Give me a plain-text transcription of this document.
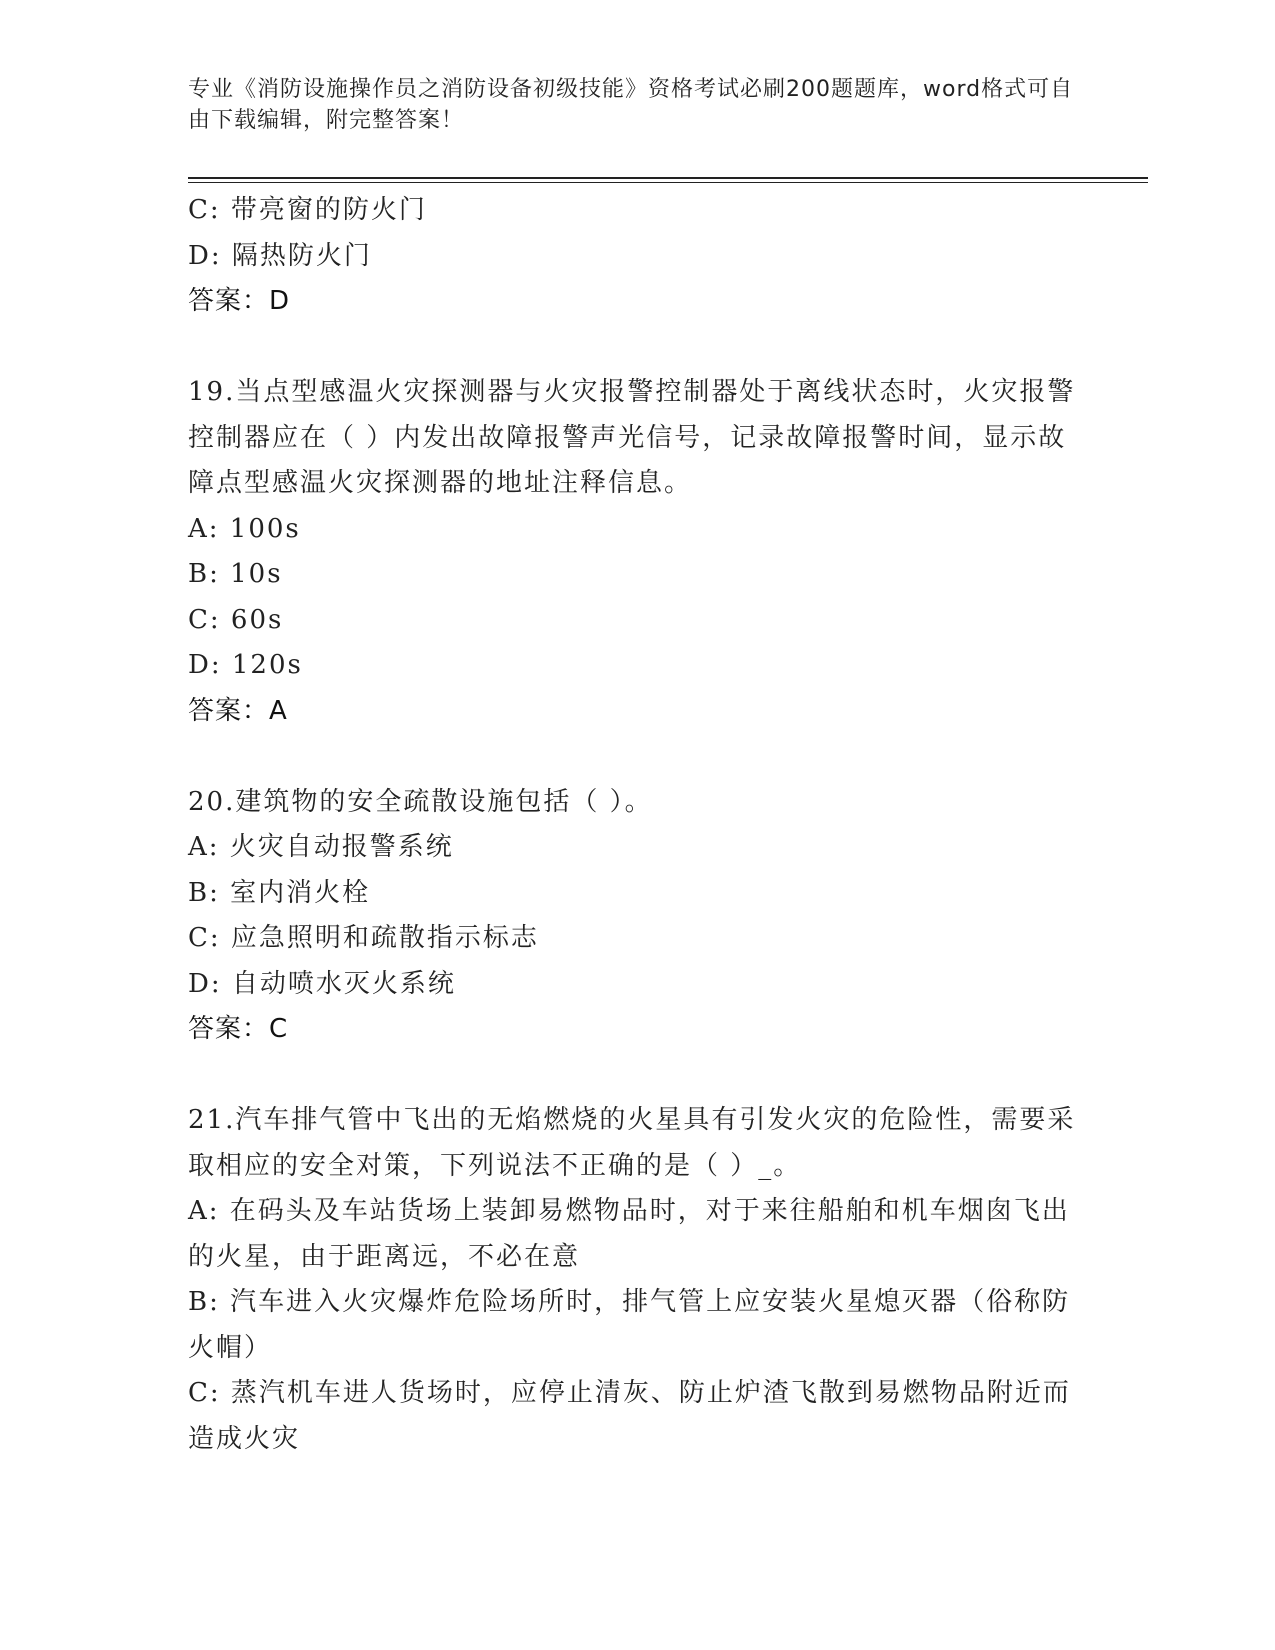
专业《消防设施操作员之消防设备初级技能》资格考试必刷200题题库，word格式可自由下载编辑，附完整答案！
C: 带亮窗的防火门
D: 隔热防火门
答案：D
19.当点型感温火灾探测器与火灾报警控制器处于离线状态时，火灾报警控制器应在（ ）内发出故障报警声光信号，记录故障报警时间，显示故障点型感温火灾探测器的地址注释信息。
A: 100s
B: 10s
C: 60s
D: 120s
答案：A
20.建筑物的安全疏散设施包括（ ）。
A: 火灾自动报警系统
B: 室内消火栓
C: 应急照明和疏散指示标志
D: 自动喷水灭火系统
答案：C
21.汽车排气管中飞出的无焰燃烧的火星具有引发火灾的危险性，需要采取相应的安全对策，下列说法不正确的是（ ）_。
A: 在码头及车站货场上装卸易燃物品时，对于来往船舶和机车烟囱飞出的火星，由于距离远，不必在意
B: 汽车进入火灾爆炸危险场所时，排气管上应安装火星熄灭器（俗称防火帽）
C: 蒸汽机车进人货场时，应停止清灰、防止炉渣飞散到易燃物品附近而造成火灾
